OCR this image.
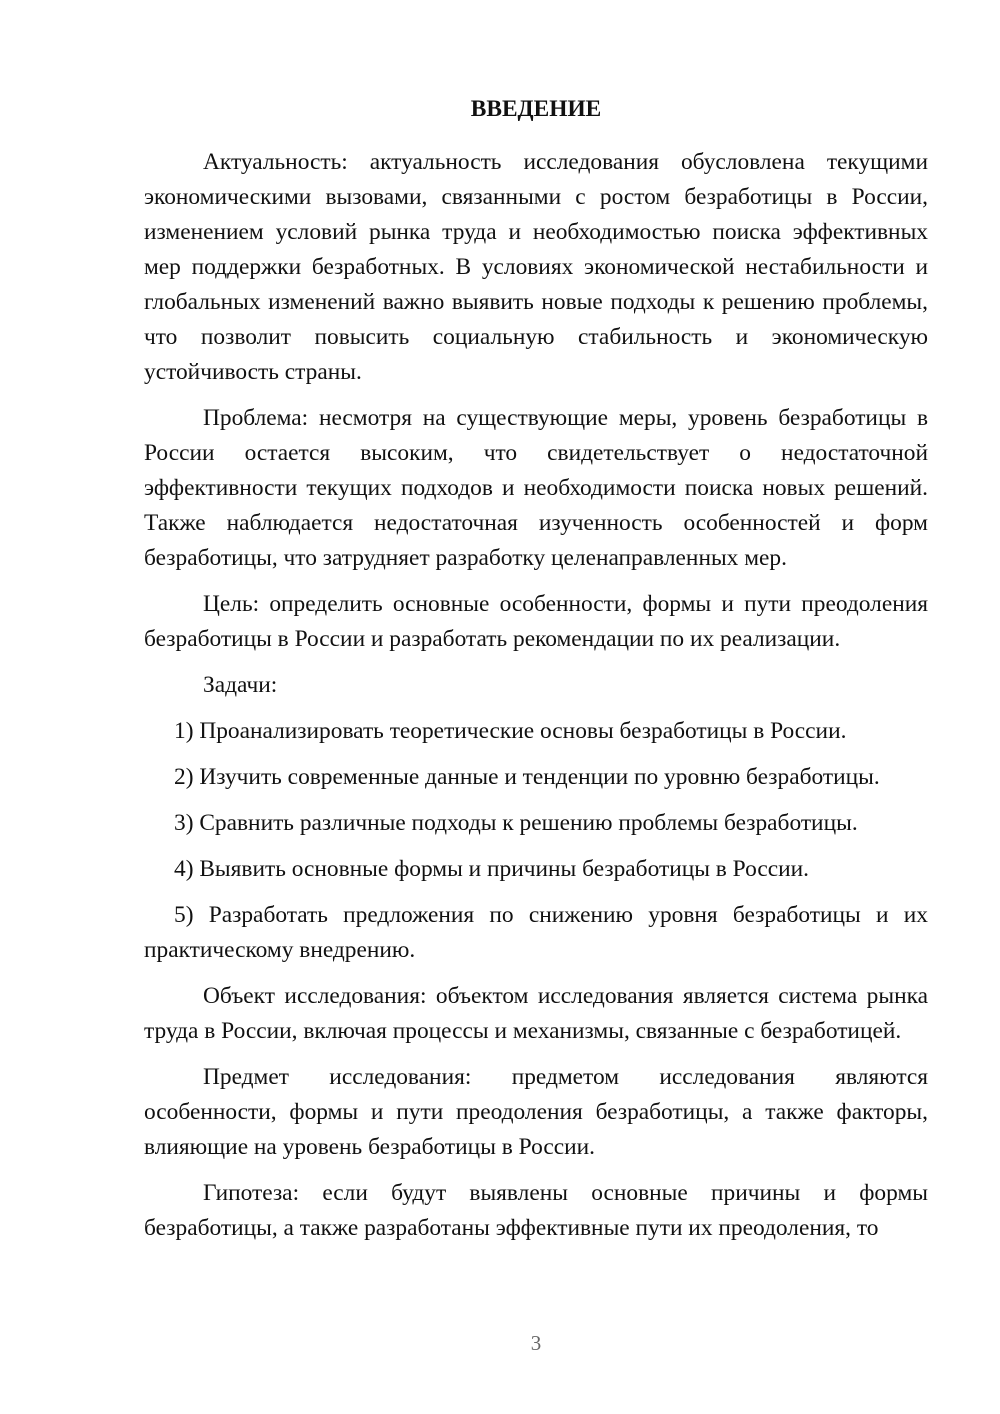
ВВЕДЕНИЕ

Актуальность: актуальность исследования обусловлена текущими экономическими вызовами, связанными с ростом безработицы в России, изменением условий рынка труда и необходимостью поиска эффективных мер поддержки безработных. В условиях экономической нестабильности и глобальных изменений важно выявить новые подходы к решению проблемы, что позволит повысить социальную стабильность и экономическую устойчивость страны.

Проблема: несмотря на существующие меры, уровень безработицы в России остается высоким, что свидетельствует о недостаточной эффективности текущих подходов и необходимости поиска новых решений. Также наблюдается недостаточная изученность особенностей и форм безработицы, что затрудняет разработку целенаправленных мер.

Цель: определить основные особенности, формы и пути преодоления безработицы в России и разработать рекомендации по их реализации.

Задачи:

1) Проанализировать теоретические основы безработицы в России.

2) Изучить современные данные и тенденции по уровню безработицы.

3) Сравнить различные подходы к решению проблемы безработицы.

4) Выявить основные формы и причины безработицы в России.

5) Разработать предложения по снижению уровня безработицы и их практическому внедрению.

Объект исследования: объектом исследования является система рынка труда в России, включая процессы и механизмы, связанные с безработицей.

Предмет исследования: предметом исследования являются особенности, формы и пути преодоления безработицы, а также факторы, влияющие на уровень безработицы в России.

Гипотеза: если будут выявлены основные причины и формы безработицы, а также разработаны эффективные пути их преодоления, то

3
